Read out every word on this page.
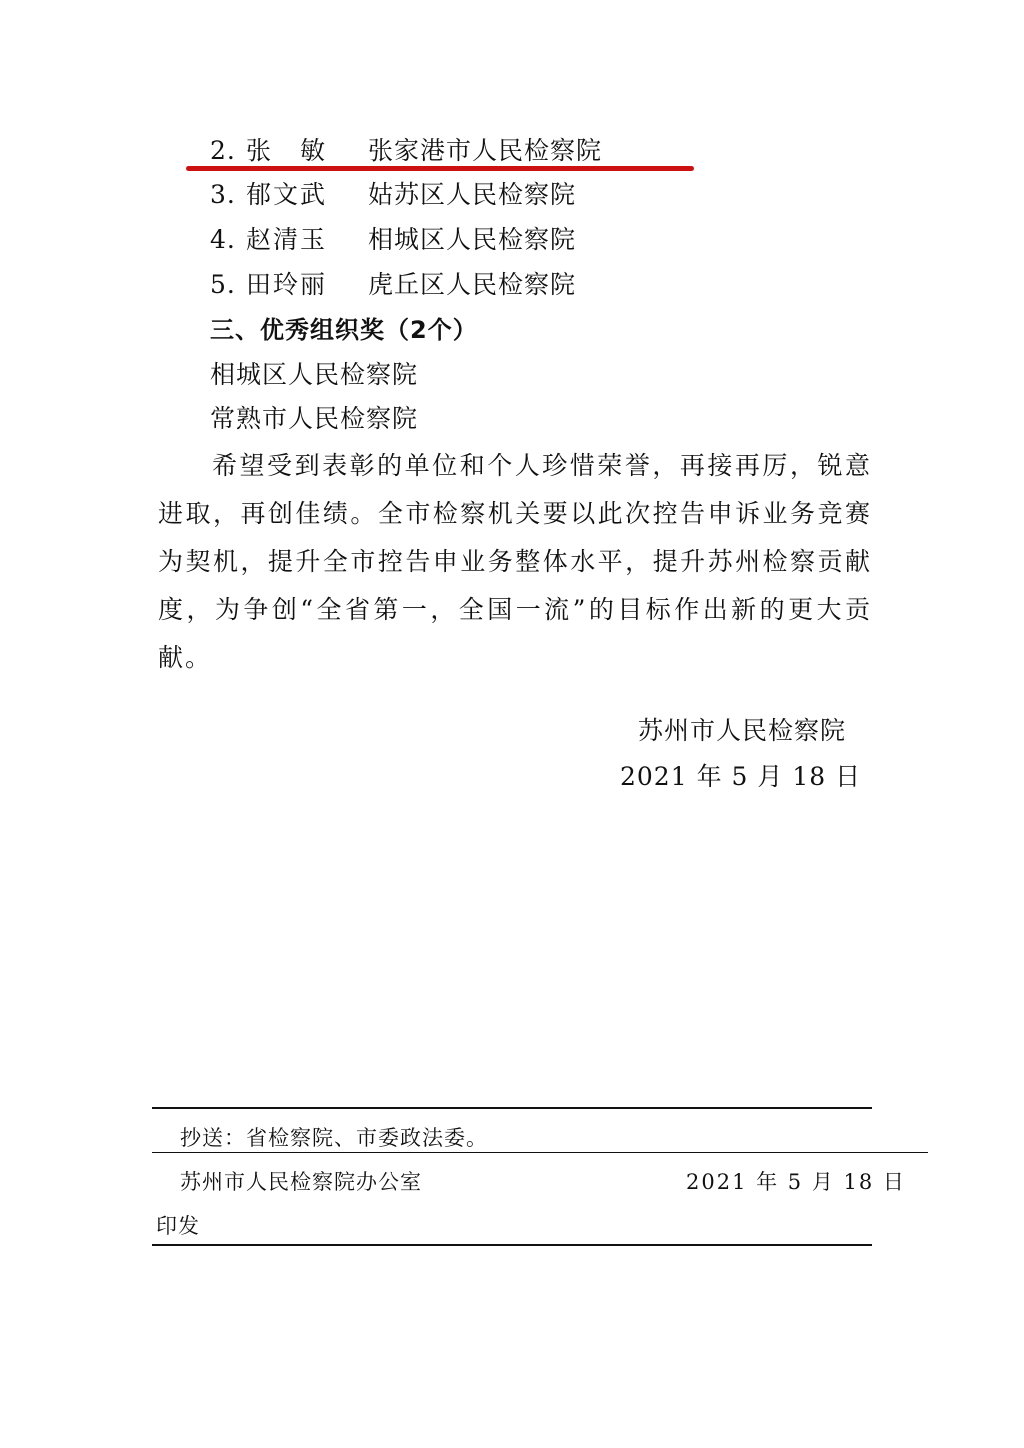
2. 张　敏 张家港市人民检察院
3. 郁文武 姑苏区人民检察院
4. 赵清玉 相城区人民检察院
5. 田玲丽 虎丘区人民检察院
三、优秀组织奖（2个）
相城区人民检察院
常熟市人民检察院
希望受到表彰的单位和个人珍惜荣誉，再接再厉，锐意进取，再创佳绩。全市检察机关要以此次控告申诉业务竞赛为契机，提升全市控告申业务整体水平，提升苏州检察贡献度，为争创“全省第一，全国一流”的目标作出新的更大贡献。
苏州市人民检察院
2021 年 5 月 18 日
抄送：省检察院、市委政法委。
苏州市人民检察院办公室	2021 年 5 月 18 日
印发
